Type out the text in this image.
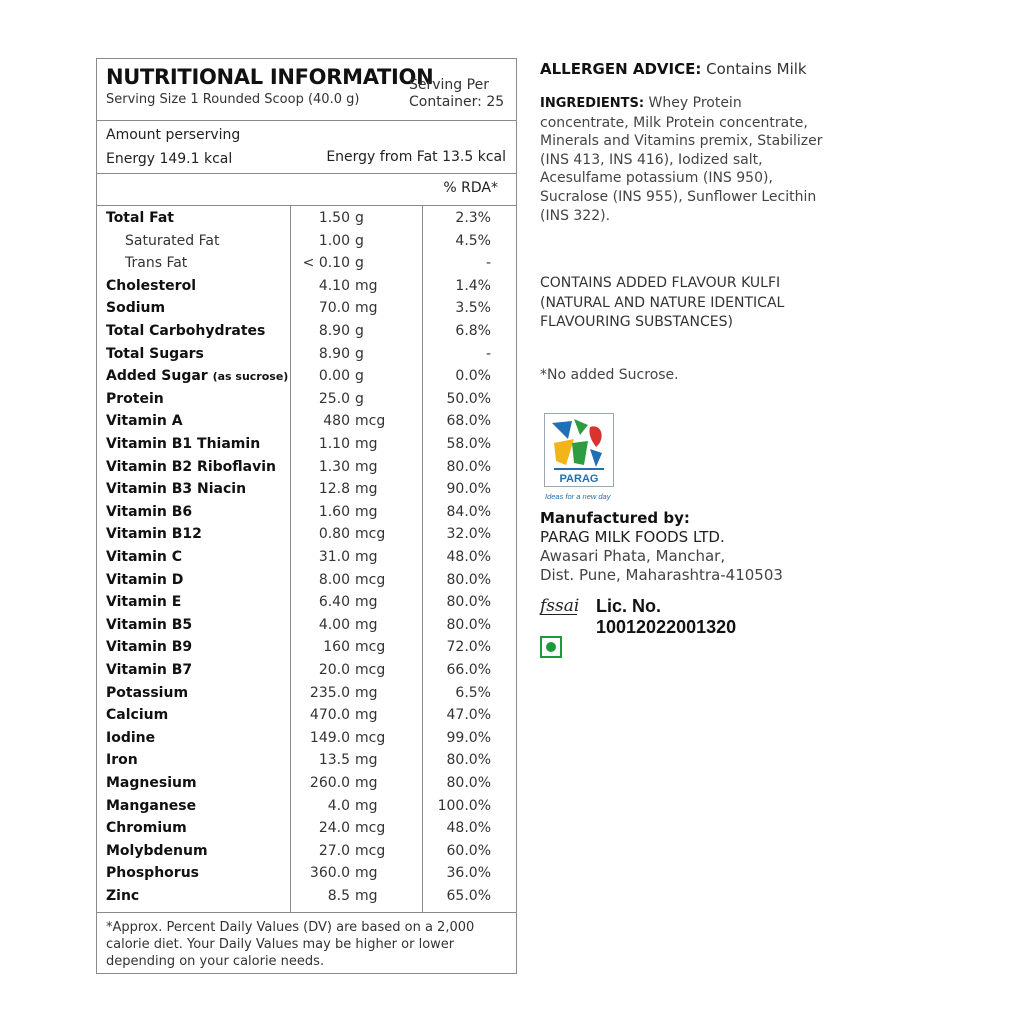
NUTRITIONAL INFORMATION
Serving Size 1 Rounded Scoop (40.0 g)
Serving Per
Container: 25
Amount perserving
Energy 149.1 kcal	Energy from Fat 13.5 kcal
% RDA*
Total Fat	1.50 g	2.3%
Saturated Fat	1.00 g	4.5%
Trans Fat	< 0.10 g	-
Cholesterol	4.10 mg	1.4%
Sodium	70.0 mg	3.5%
Total Carbohydrates	8.90 g	6.8%
Total Sugars	8.90 g	-
Added Sugar (as sucrose)	0.00 g	0.0%
Protein	25.0 g	50.0%
Vitamin A	480 mcg	68.0%
Vitamin B1 Thiamin	1.10 mg	58.0%
Vitamin B2 Riboflavin	1.30 mg	80.0%
Vitamin B3 Niacin	12.8 mg	90.0%
Vitamin B6	1.60 mg	84.0%
Vitamin B12	0.80 mcg	32.0%
Vitamin C	31.0 mg	48.0%
Vitamin D	8.00 mcg	80.0%
Vitamin E	6.40 mg	80.0%
Vitamin B5	4.00 mg	80.0%
Vitamin B9	160 mcg	72.0%
Vitamin B7	20.0 mcg	66.0%
Potassium	235.0 mg	6.5%
Calcium	470.0 mg	47.0%
Iodine	149.0 mcg	99.0%
Iron	13.5 mg	80.0%
Magnesium	260.0 mg	80.0%
Manganese	4.0 mg	100.0%
Chromium	24.0 mcg	48.0%
Molybdenum	27.0 mcg	60.0%
Phosphorus	360.0 mg	36.0%
Zinc	8.5 mg	65.0%
*Approx. Percent Daily Values (DV) are based on a 2,000 calorie diet. Your Daily Values may be higher or lower depending on your calorie needs.
ALLERGEN ADVICE: Contains Milk
INGREDIENTS: Whey Protein concentrate, Milk Protein concentrate, Minerals and Vitamins premix, Stabilizer (INS 413, INS 416), Iodized salt, Acesulfame potassium (INS 950), Sucralose (INS 955), Sunflower Lecithin (INS 322).
CONTAINS ADDED FLAVOUR KULFI (NATURAL AND NATURE IDENTICAL FLAVOURING SUBSTANCES)
*No added Sucrose.
PARAG
Ideas for a new day
Manufactured by:
PARAG MILK FOODS LTD.
Awasari Phata, Manchar,
Dist. Pune, Maharashtra-410503
fssai Lic. No. 10012022001320
